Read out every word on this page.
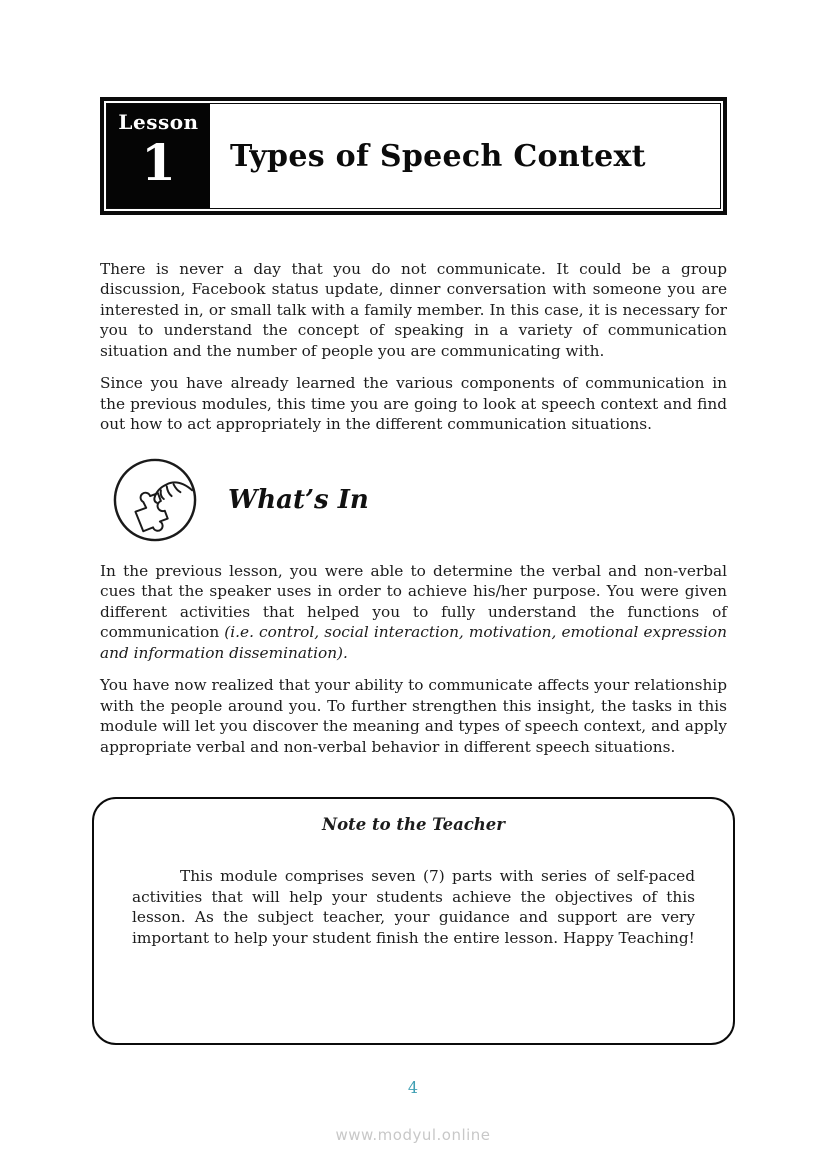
Lesson
1	Types of Speech Context

There is never a day that you do not communicate. It could be a group discussion, Facebook status update, dinner conversation with someone you are interested in, or small talk with a family member. In this case, it is necessary for you to understand the concept of speaking in a variety of communication situation and the number of people you are communicating with.

Since you have already learned the various components of communication in the previous modules, this time you are going to look at speech context and find out how to act appropriately in the different communication situations.

What’s In

In the previous lesson, you were able to determine the verbal and non-verbal cues that the speaker uses in order to achieve his/her purpose. You were given different activities that helped you to fully understand the functions of communication (i.e. control, social interaction, motivation, emotional expression and information dissemination).

You have now realized that your ability to communicate affects your relationship with the people around you. To further strengthen this insight, the tasks in this module will let you discover the meaning and types of speech context, and apply appropriate verbal and non-verbal behavior in different speech situations.

Note to the Teacher

This module comprises seven (7) parts with series of self-paced activities that will help your students achieve the objectives of this lesson. As the subject teacher, your guidance and support are very important to help your student finish the entire lesson. Happy Teaching!

4
www.modyul.online
